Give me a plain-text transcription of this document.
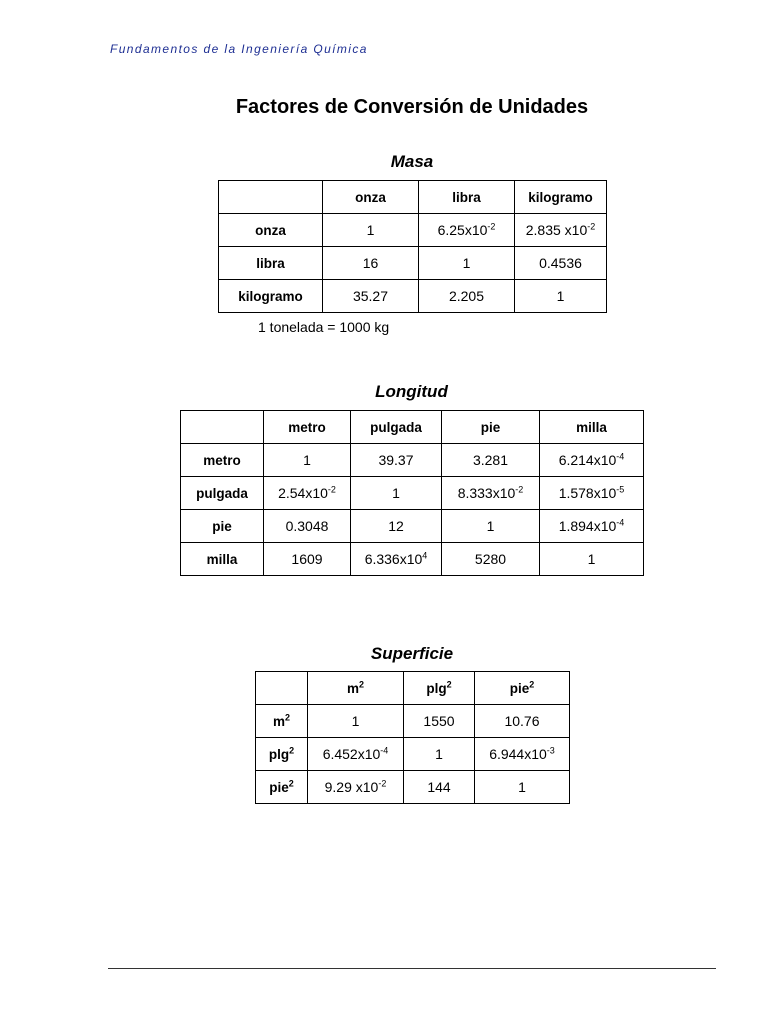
Fundamentos de la Ingeniería Química
Factores de Conversión de Unidades
Masa
	onza	libra	kilogramo
onza	1	$6.25x10^{-2}$	2.835 $x10^{-2}$
libra	16	1	0.4536
kilogramo	35.27	2.205	1
1 tonelada = 1000 kg
Longitud
	metro	pulgada	pie	milla
metro	1	39.37	3.281	$6.214x10^{-4}$
pulgada	$2.54x10^{-2}$	1	$8.333x10^{-2}$	$1.578x10^{-5}$
pie	0.3048	12	1	$1.894x10^{-4}$
milla	1609	$6.336x10^4$	5280	1
Superficie
	$m^2$	plg$^2$	pie$^2$
$m^2$	1	1550	10.76
plg$^2$	$6.452x10^{-4}$	1	$6.944x10^{-3}$
pie$^2$	9.29 $x10^{-2}$	144	1
